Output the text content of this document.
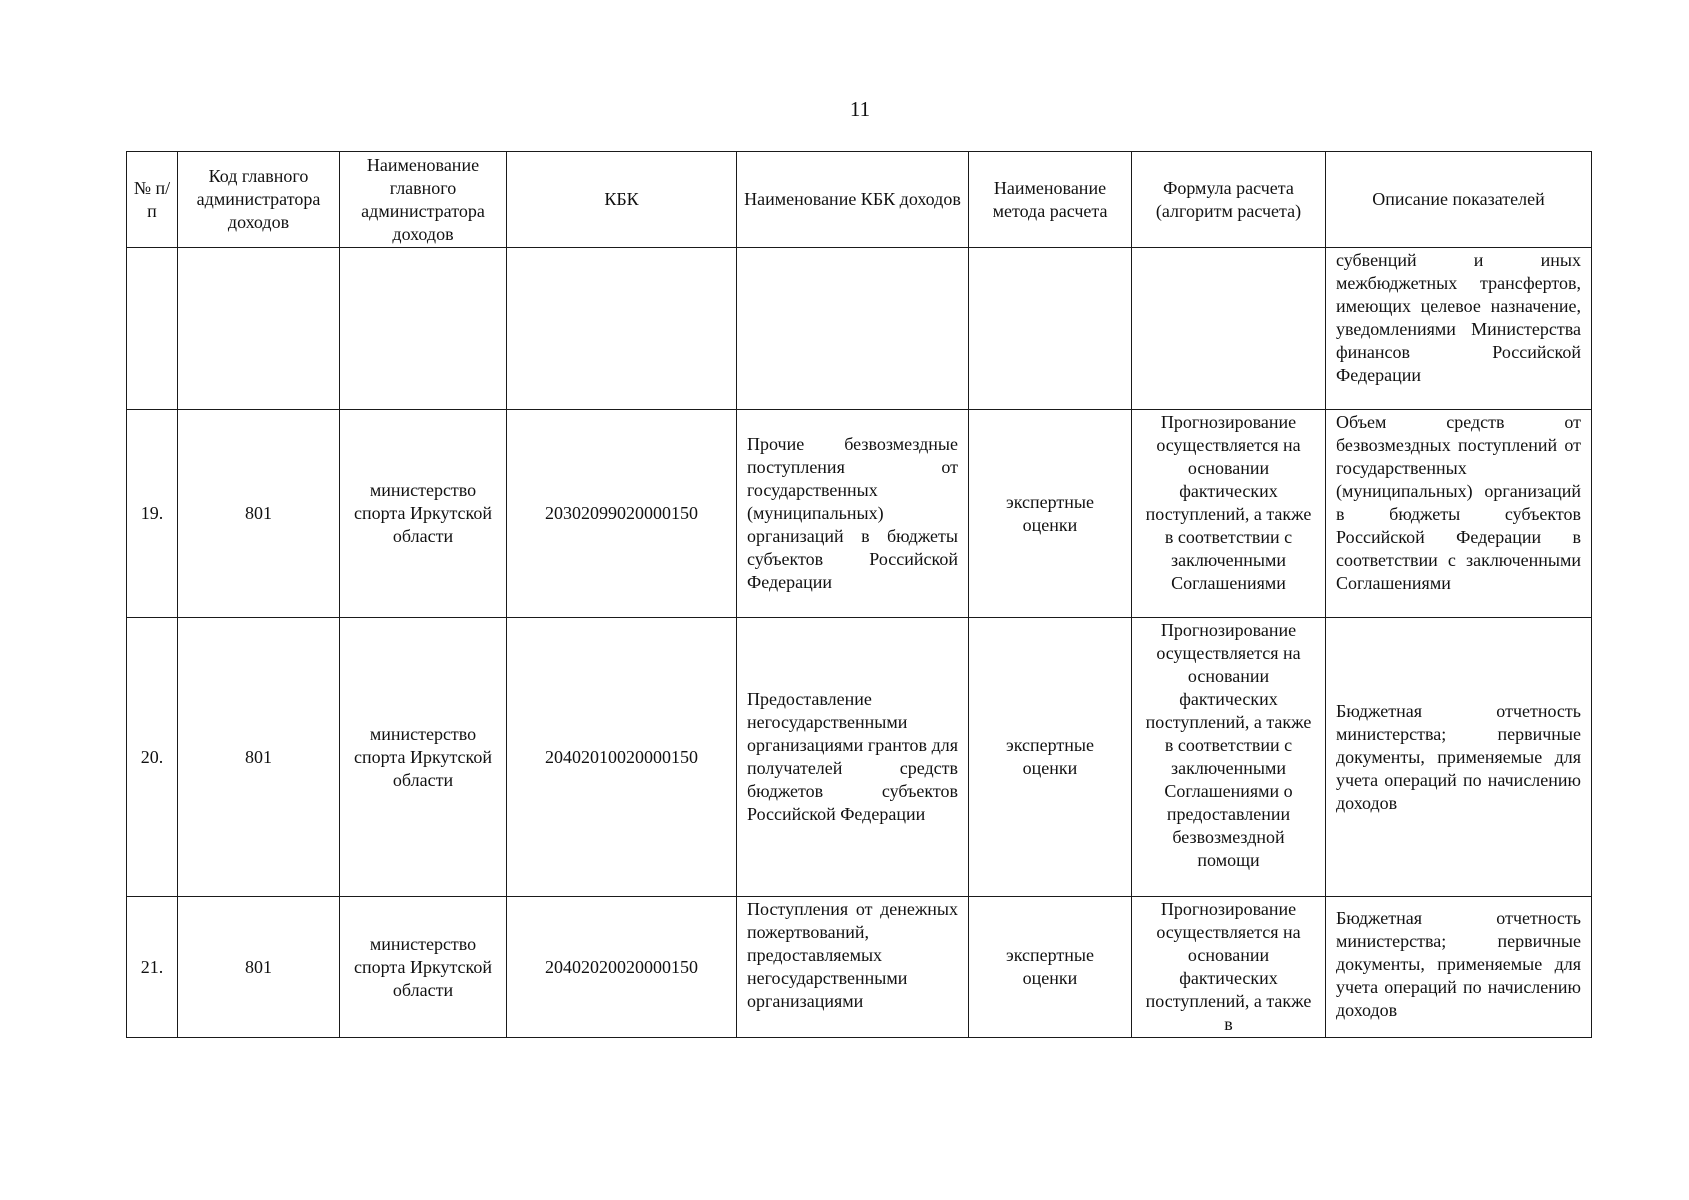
11
№ п/п	Код главного администратора доходов	Наименование главного администратора доходов	КБК	Наименование КБК доходов	Наименование метода расчета	Формула расчета (алгоритм расчета)	Описание показателей
							субвенций и иных межбюджетных трансфертов, имеющих целевое назначение, уведомлениями Министерства финансов Российской Федерации
19.	801	министерство спорта Иркутской области	20302099020000150	Прочие безвозмездные поступления от государственных (муниципальных) организаций в бюджеты субъектов Российской Федерации	экспертные оценки	Прогнозирование осуществляется на основании фактических поступлений, а также в соответствии с заключенными Соглашениями	Объем средств от безвозмездных поступлений от государственных (муниципальных) организаций в бюджеты субъектов Российской Федерации в соответствии с заключенными Соглашениями
20.	801	министерство спорта Иркутской области	20402010020000150	Предоставление негосударственными организациями грантов для получателей средств бюджетов субъектов Российской Федерации	экспертные оценки	Прогнозирование осуществляется на основании фактических поступлений, а также в соответствии с заключенными Соглашениями о предоставлении безвозмездной помощи	Бюджетная отчетность министерства; первичные документы, применяемые для учета операций по начислению доходов
21.	801	министерство спорта Иркутской области	20402020020000150	Поступления от денежных пожертвований, предоставляемых негосударственными организациями	экспертные оценки	Прогнозирование осуществляется на основании фактических поступлений, а также в	Бюджетная отчетность министерства; первичные документы, применяемые для учета операций по начислению доходов
